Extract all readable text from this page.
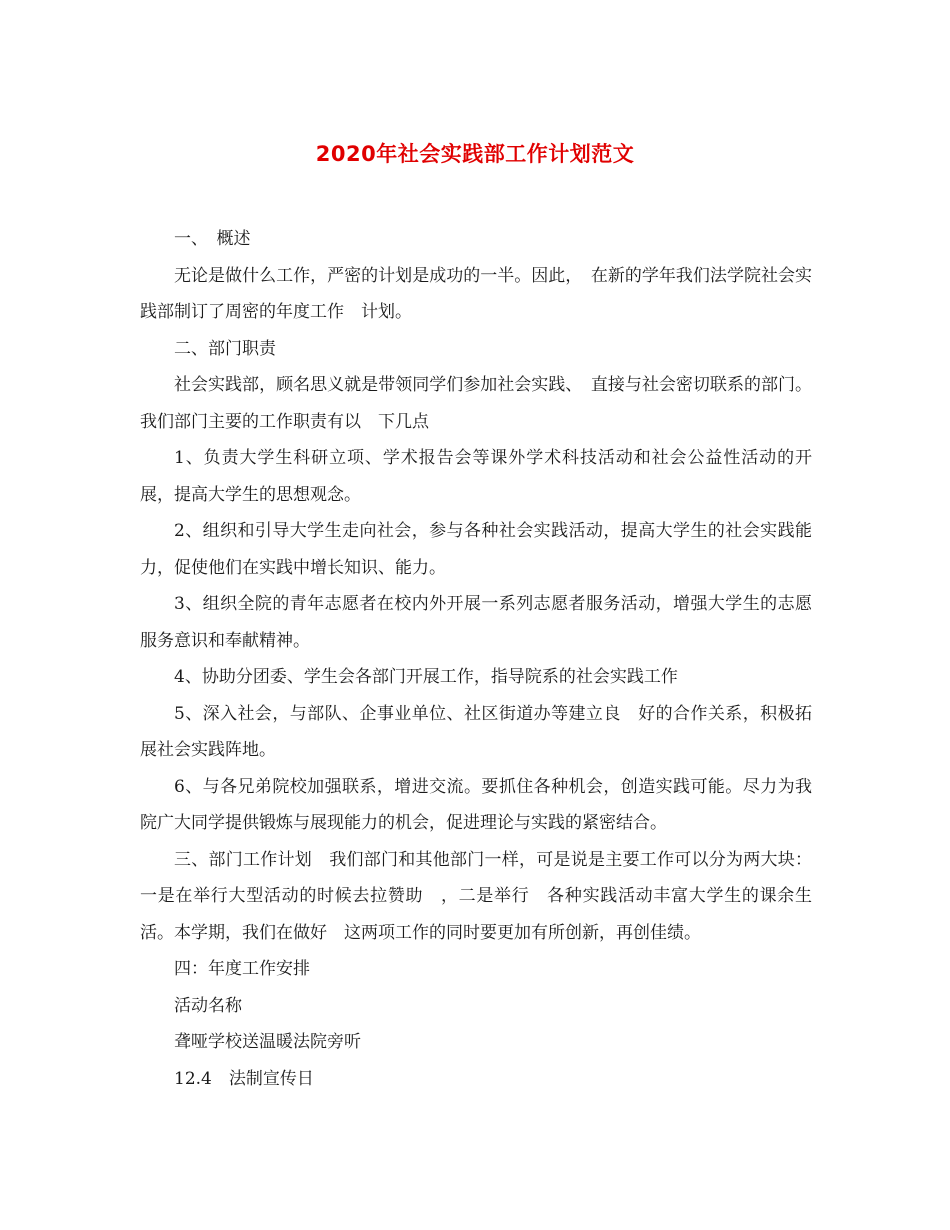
2020年社会实践部工作计划范文

一、　概述

无论是做什么工作，严密的计划是成功的一半。因此，　在新的学年我们法学院社会实践部制订了周密的年度工作　计划。

二、部门职责

社会实践部，顾名思义就是带领同学们参加社会实践、　直接与社会密切联系的部门。我们部门主要的工作职责有以　下几点

1、负责大学生科研立项、学术报告会等课外学术科技活动和社会公益性活动的开展，提高大学生的思想观念。

2、组织和引导大学生走向社会，参与各种社会实践活动，提高大学生的社会实践能力，促使他们在实践中增长知识、能力。

3、组织全院的青年志愿者在校内外开展一系列志愿者服务活动，增强大学生的志愿服务意识和奉献精神。

4、协助分团委、学生会各部门开展工作，指导院系的社会实践工作

5、深入社会，与部队、企事业单位、社区街道办等建立良　好的合作关系，积极拓展社会实践阵地。

6、与各兄弟院校加强联系，增进交流。要抓住各种机会，创造实践可能。尽力为我院广大同学提供锻炼与展现能力的机会，促进理论与实践的紧密结合。

三、部门工作计划　我们部门和其他部门一样，可是说是主要工作可以分为两大块：一是在举行大型活动的时候去拉赞助　，二是举行　各种实践活动丰富大学生的课余生活。本学期，我们在做好　这两项工作的同时要更加有所创新，再创佳绩。

四：年度工作安排

活动名称

聋哑学校送温暖法院旁听

12.4　法制宣传日
